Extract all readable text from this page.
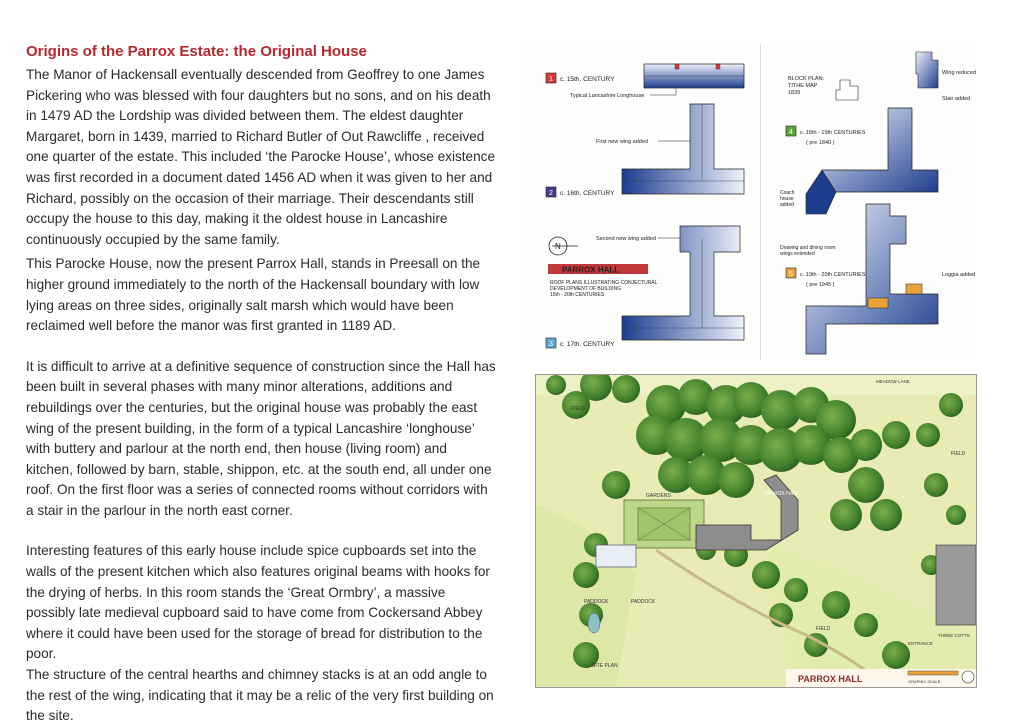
Origins of the Parrox Estate: the Original House

The Manor of Hackensall eventually descended from Geoffrey to one James Pickering who was blessed with four daughters but no sons, and on his death in 1479 AD the Lordship was divided between them. The eldest daughter Margaret, born in 1439, married to Richard Butler of Out Rawcliffe , received one quarter of the estate. This included ‘the Parocke House’, whose existence was first recorded in a document dated 1456 AD when it was given to her and Richard, possibly on the occasion of their marriage. Their descendants still occupy the house to this day, making it the oldest house in Lancashire continuously occupied by the same family.

This Parocke House, now the present Parrox Hall, stands in Preesall on the higher ground immediately to the north of the Hackensall boundary with low lying areas on three sides, originally salt marsh which would have been reclaimed well before the manor was first granted in 1189 AD.

It is difficult to arrive at a definitive sequence of construction since the Hall has been built in several phases with many minor alterations, additions and rebuildings over the centuries, but the original house was probably the east wing of the present building, in the form of a typical Lancashire ‘longhouse’ with buttery and parlour at the north end, then house (living room) and kitchen, followed by barn, stable, shippon, etc. at the south end, all under one roof. On the first floor was a series of connected rooms without corridors with a stair in the parlour in the north east corner.

Interesting features of this early house include spice cupboards set into the walls of the present kitchen which also features original beams with hooks for the drying of herbs. In this room stands the ‘Great Ormbry’, a massive possibly late medieval cupboard said to have come from Cockersand Abbey where it could have been used for the storage of bread for distribution to the poor.

The structure of the central hearths and chimney stacks is at an odd angle to the rest of the wing, indicating that it may be a relic of the very first building on the site.

1 c. 15th. CENTURY
Typical Lancashire Longhouse
First new wing added
2 c. 16th. CENTURY
N
Second new wing added
PARROX HALL
ROOF PLANS ILLUSTRATING CONJECTURAL
DEVELOPMENT OF BUILDING
15th - 20th CENTURIES
3 c. 17th. CENTURY
BLOCK PLAN:
TITHE MAP
1839
Wing reduced
Stair added
4 c. 18th - 19th CENTURIES
( pre 1840 )
Coach
house
added
Drawing and dining room
wings extended
5 c. 19th - 20th CENTURIES
( pre 1945 )
Loggia added
FIELD
FIELD
FIELD
GARDENS
PADDOCK	PADDOCK
PARROX HALL
MEADOW LANE
ENTRANCE
THREE COTTS
SITE PLAN
PARROX HALL	GRAPHIC SCALE
